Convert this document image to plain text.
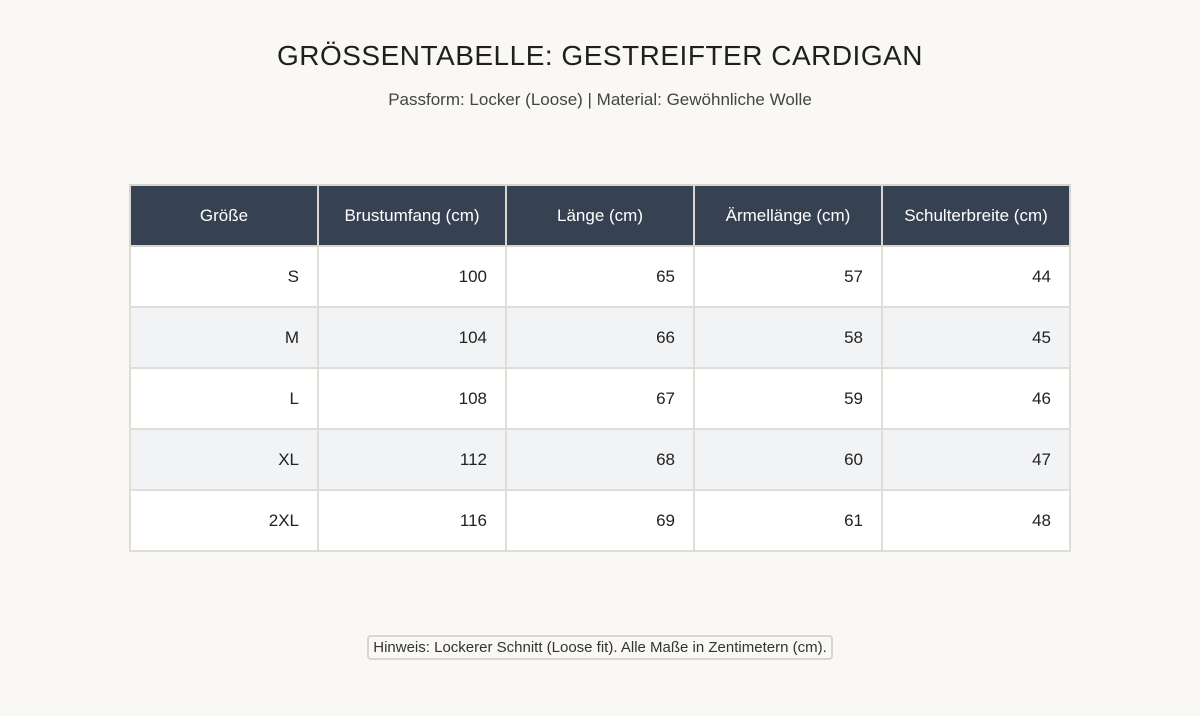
GRÖSSENTABELLE: GESTREIFTER CARDIGAN
Passform: Locker (Loose) | Material: Gewöhnliche Wolle
Größe	Brustumfang (cm)	Länge (cm)	Ärmellänge (cm)	Schulterbreite (cm)
S	100	65	57	44
M	104	66	58	45
L	108	67	59	46
XL	112	68	60	47
2XL	116	69	61	48
Hinweis: Lockerer Schnitt (Loose fit). Alle Maße in Zentimetern (cm).
